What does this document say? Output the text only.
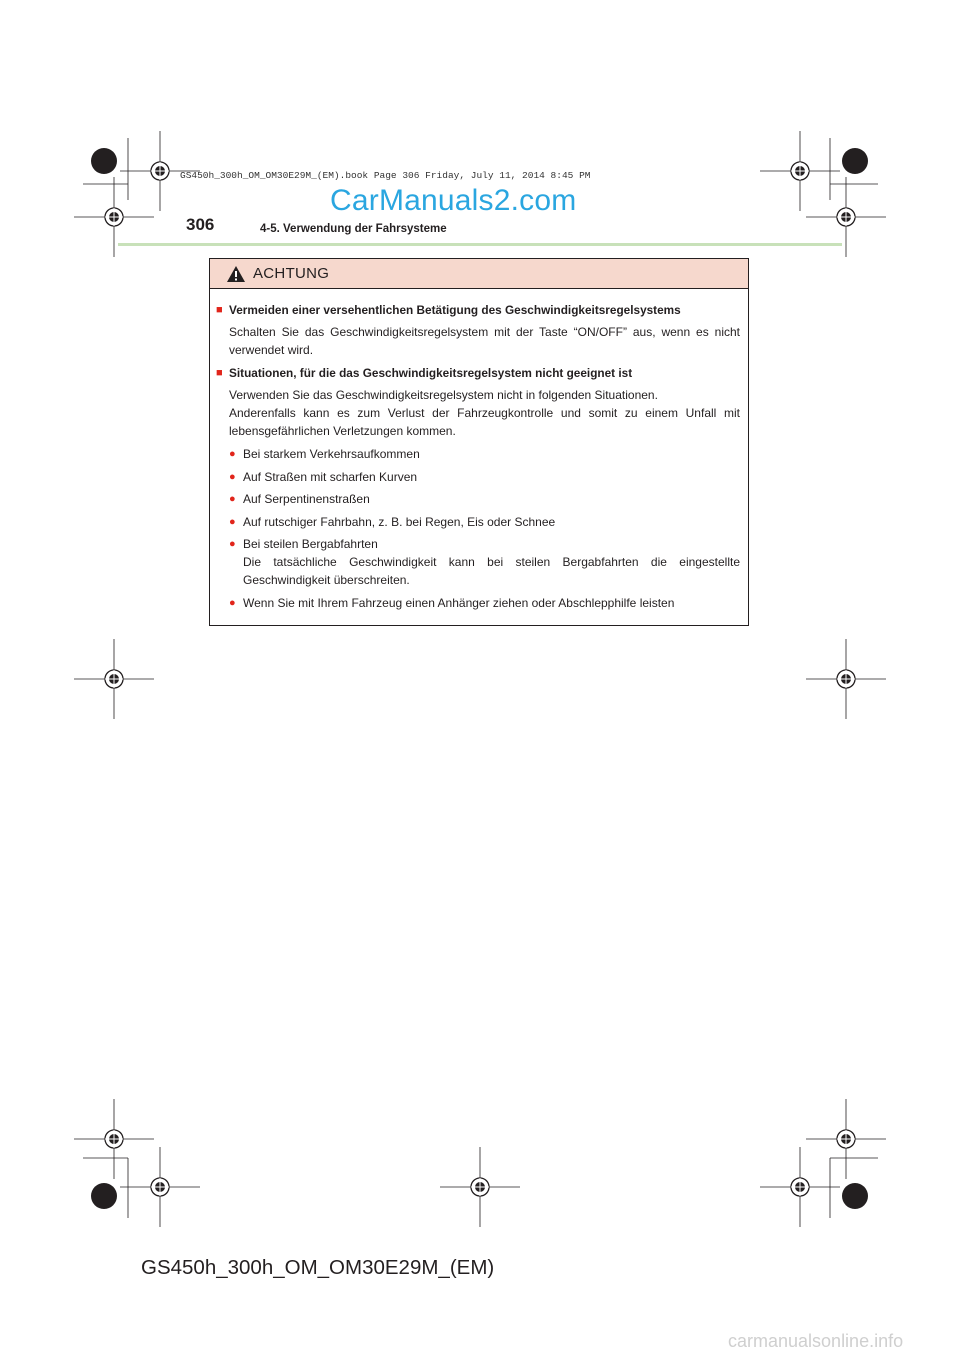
GS450h_300h_OM_OM30E29M_(EM).book Page 306 Friday, July 11, 2014 8:45 PM
CarManuals2.com
306	4-5. Verwendung der Fahrsysteme
ACHTUNG
■ Vermeiden einer versehentlichen Betätigung des Geschwindigkeitsregelsystems
Schalten Sie das Geschwindigkeitsregelsystem mit der Taste “ON/OFF” aus, wenn es nicht verwendet wird.
■ Situationen, für die das Geschwindigkeitsregelsystem nicht geeignet ist
Verwenden Sie das Geschwindigkeitsregelsystem nicht in folgenden Situationen.
Anderenfalls kann es zum Verlust der Fahrzeugkontrolle und somit zu einem Unfall mit lebensgefährlichen Verletzungen kommen.
● Bei starkem Verkehrsaufkommen
● Auf Straßen mit scharfen Kurven
● Auf Serpentinenstraßen
● Auf rutschiger Fahrbahn, z. B. bei Regen, Eis oder Schnee
● Bei steilen Bergabfahrten
Die tatsächliche Geschwindigkeit kann bei steilen Bergabfahrten die eingestellte Geschwindigkeit überschreiten.
● Wenn Sie mit Ihrem Fahrzeug einen Anhänger ziehen oder Abschlepphilfe leisten
GS450h_300h_OM_OM30E29M_(EM)
carmanualsonline.info
